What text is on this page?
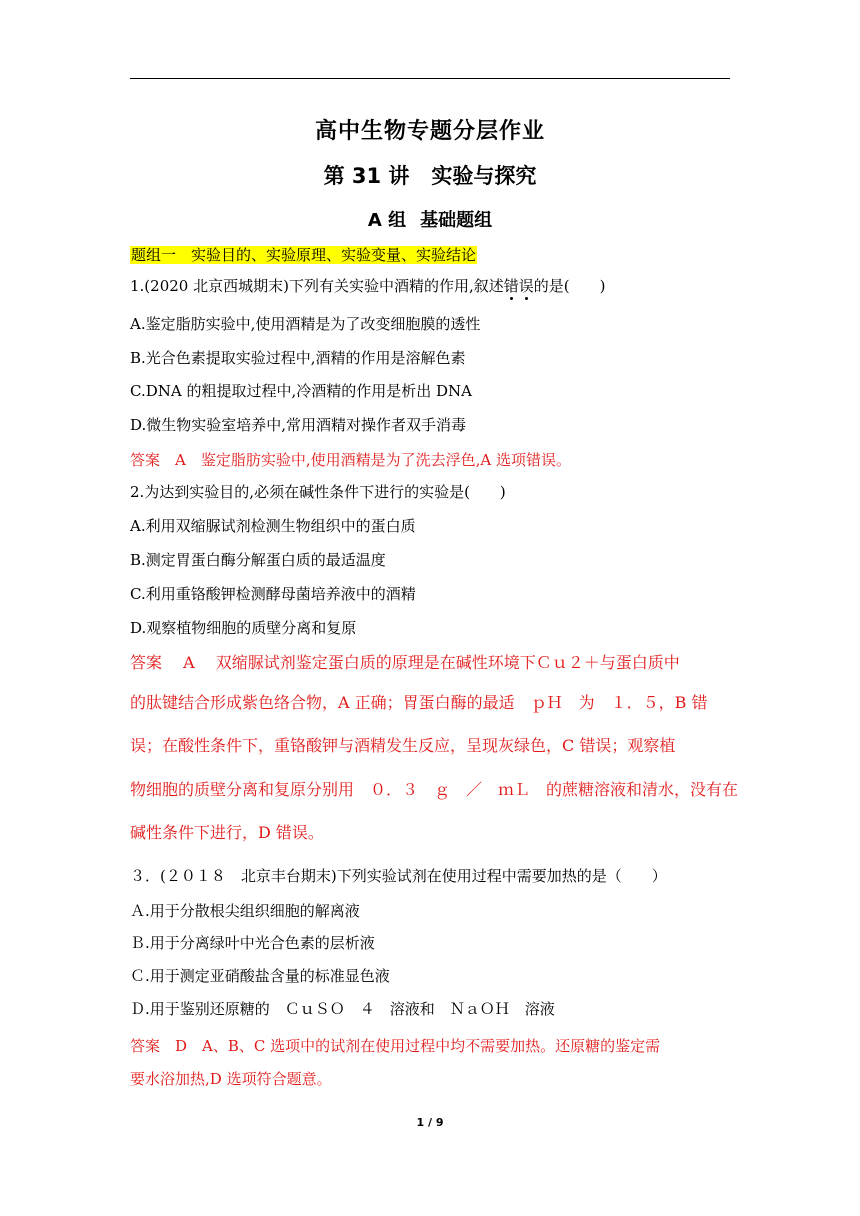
高中生物专题分层作业
第 31 讲 实验与探究
A 组 基础题组
题组一　 实验目的、实验原理、实验变量、实验结论
1.(2020 北京西城期末)下列有关实验中酒精的作用,叙述错误的是(　　)
A.鉴定脂肪实验中,使用酒精是为了改变细胞膜的透性
B.光合色素提取实验过程中,酒精的作用是溶解色素
C.DNA 的粗提取过程中,冷酒精的作用是析出 DNA
D.微生物实验室培养中,常用酒精对操作者双手消毒
答案　A　鉴定脂肪实验中,使用酒精是为了洗去浮色,A 选项错误。
2.为达到实验目的,必须在碱性条件下进行的实验是(　　)
A.利用双缩脲试剂检测生物组织中的蛋白质
B.测定胃蛋白酶分解蛋白质的最适温度
C.利用重铬酸钾检测酵母菌培养液中的酒精
D.观察植物细胞的质壁分离和复原
答案　 A　 双缩脲试剂鉴定蛋白质的原理是在碱性环境下Ｃｕ２＋与蛋白质中
的肽键结合形成紫色络合物，A 正确；胃蛋白酶的最适　ｐＨ　为　１．５，B 错
误；在酸性条件下，重铬酸钾与酒精发生反应，呈现灰绿色，C 错误；观察植
物细胞的质壁分离和复原分别用　０．３　ｇ　／　ｍＬ　的蔗糖溶液和清水，没有在
碱性条件下进行，D 错误。
３．(２０１８　北京丰台期末)下列实验试剂在使用过程中需要加热的是（　　）
Ａ.用于分散根尖组织细胞的解离液
Ｂ.用于分离绿叶中光合色素的层析液
Ｃ.用于测定亚硝酸盐含量的标准显色液
Ｄ.用于鉴别还原糖的　ＣｕＳＯ　４　溶液和　ＮａＯＨ　溶液
答案　D　A、B、C 选项中的试剂在使用过程中均不需要加热。还原糖的鉴定需
要水浴加热,D 选项符合题意。
1 / 9
